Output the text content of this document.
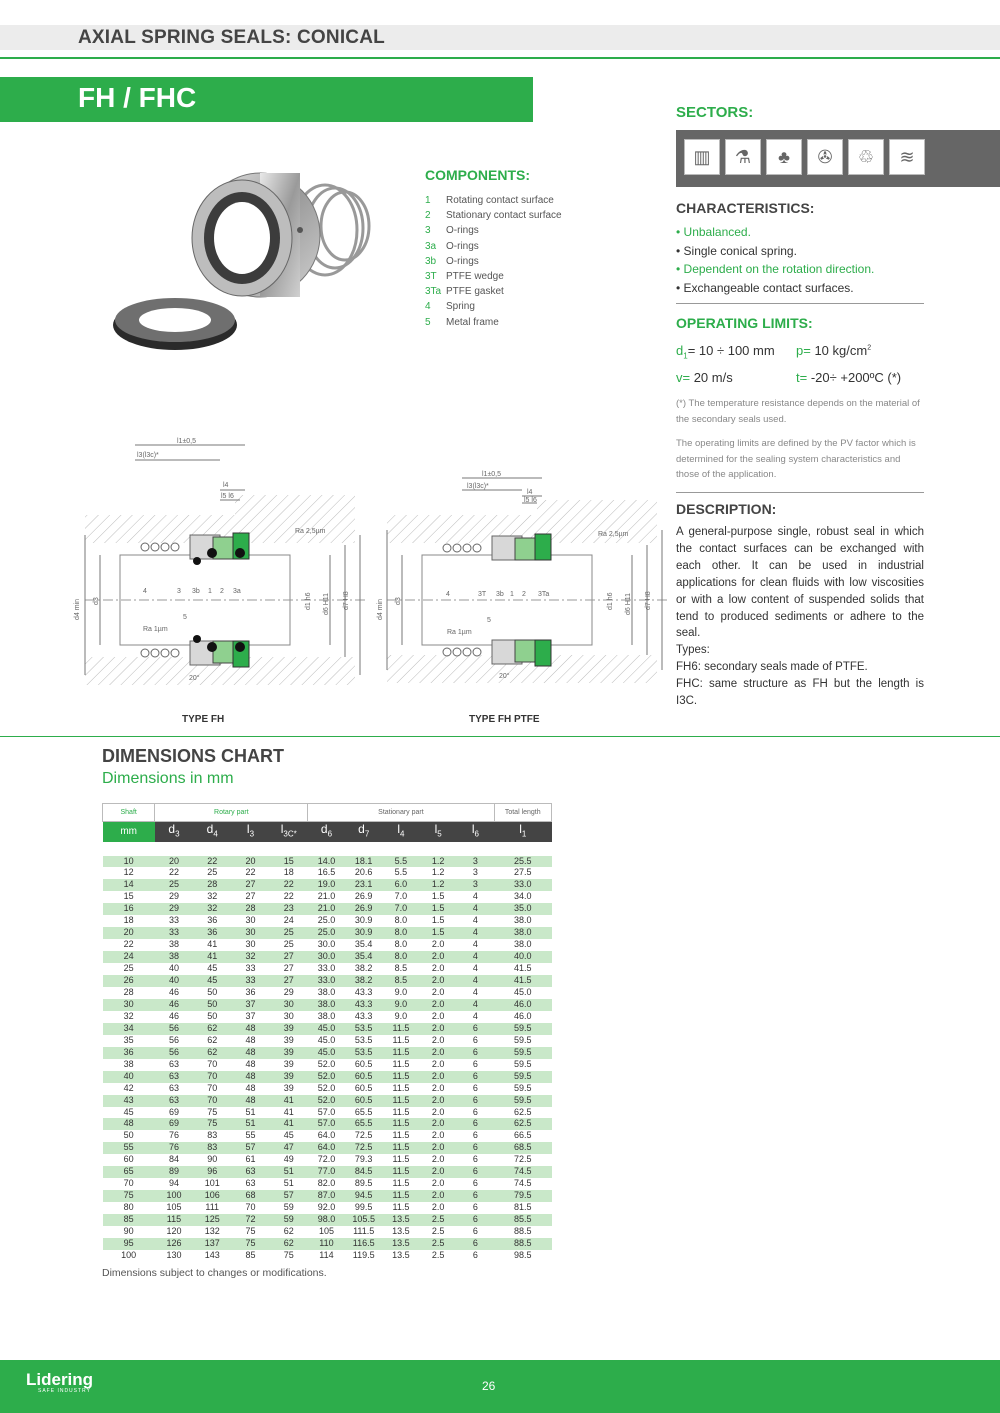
AXIAL SPRING SEALS: CONICAL
FH / FHC
COMPONENTS:
1 Rotating contact surface
2 Stationary contact surface
3 O-rings
3a O-rings
3b O-rings
3T PTFE wedge
3Ta PTFE gasket
4 Spring
5 Metal frame
SECTORS:
▥	⚗	♣	✇	♲	≋
CHARACTERISTICS:
• Unbalanced.
• Single conical spring.
• Dependent on the rotation direction.
• Exchangeable contact surfaces.
OPERATING LIMITS:
$d_1= 10 \div 100$ mm p= 10 $kg/cm^2$
v= 20 m/s	t= -20÷ +200ºC (*)
(*) The temperature resistance depends on the material of the secondary seals used.
The operating limits are defined by the PV factor which is determined for the sealing system characteristics and those of the application.
DESCRIPTION:
A general-purpose single, robust seal in which the contact surfaces can be exchanged with each other. It can be used in industrial applications for clean fluids with low viscosities or with a low content of suspended solids that tend to produced sediments or adhere to the seal.
Types:
FH6: secondary seals made of PTFE.
FHC: same structure as FH but the length is I3C.
l1±0,5
l3(l3c)*
l4
l5 l6
Ra 2,5µm
Ra 1µm
d4 min d3	d1 h6 d6 H11 d7 H8
4	3 3b 1 2 3a
5
20°
TYPE FH
l1±0,5
l3(l3c)*
l4
l5 l6
Ra 2,5µm
Ra 1µm
d4 min d3	d1 h6 d6 H11 d7 H8
4	3T 3b 1 2 3Ta
5
20°
TYPE FH PTFE
DIMENSIONS CHART
Dimensions in mm
Shaft	Rotary part				Stationary part					Total length
mm	$d_3$	$d_4$	$l_3$	$l_{3C*}$	$d_6$	$d_7$	$l_4$	$l_5$	$l_6$	$l_1$

10	20	22	20	15	14.0	18.1	5.5	1.2	3	25.5
12	22	25	22	18	16.5	20.6	5.5	1.2	3	27.5
14	25	28	27	22	19.0	23.1	6.0	1.2	3	33.0
15	29	32	27	22	21.0	26.9	7.0	1.5	4	34.0
16	29	32	28	23	21.0	26.9	7.0	1.5	4	35.0
18	33	36	30	24	25.0	30.9	8.0	1.5	4	38.0
20	33	36	30	25	25.0	30.9	8.0	1.5	4	38.0
22	38	41	30	25	30.0	35.4	8.0	2.0	4	38.0
24	38	41	32	27	30.0	35.4	8.0	2.0	4	40.0
25	40	45	33	27	33.0	38.2	8.5	2.0	4	41.5
26	40	45	33	27	33.0	38.2	8.5	2.0	4	41.5
28	46	50	36	29	38.0	43.3	9.0	2.0	4	45.0
30	46	50	37	30	38.0	43.3	9.0	2.0	4	46.0
32	46	50	37	30	38.0	43.3	9.0	2.0	4	46.0
34	56	62	48	39	45.0	53.5	11.5	2.0	6	59.5
35	56	62	48	39	45.0	53.5	11.5	2.0	6	59.5
36	56	62	48	39	45.0	53.5	11.5	2.0	6	59.5
38	63	70	48	39	52.0	60.5	11.5	2.0	6	59.5
40	63	70	48	39	52.0	60.5	11.5	2.0	6	59.5
42	63	70	48	39	52.0	60.5	11.5	2.0	6	59.5
43	63	70	48	41	52.0	60.5	11.5	2.0	6	59.5
45	69	75	51	41	57.0	65.5	11.5	2.0	6	62.5
48	69	75	51	41	57.0	65.5	11.5	2.0	6	62.5
50	76	83	55	45	64.0	72.5	11.5	2.0	6	66.5
55	76	83	57	47	64.0	72.5	11.5	2.0	6	68.5
60	84	90	61	49	72.0	79.3	11.5	2.0	6	72.5
65	89	96	63	51	77.0	84.5	11.5	2.0	6	74.5
70	94	101	63	51	82.0	89.5	11.5	2.0	6	74.5
75	100	106	68	57	87.0	94.5	11.5	2.0	6	79.5
80	105	111	70	59	92.0	99.5	11.5	2.0	6	81.5
85	115	125	72	59	98.0	105.5	13.5	2.5	6	85.5
90	120	132	75	62	105	111.5	13.5	2.5	6	88.5
95	126	137	75	62	110	116.5	13.5	2.5	6	88.5
100	130	143	85	75	114	119.5	13.5	2.5	6	98.5
Dimensions subject to changes or modifications.
Lidering
SAFE INDUSTRY	26
